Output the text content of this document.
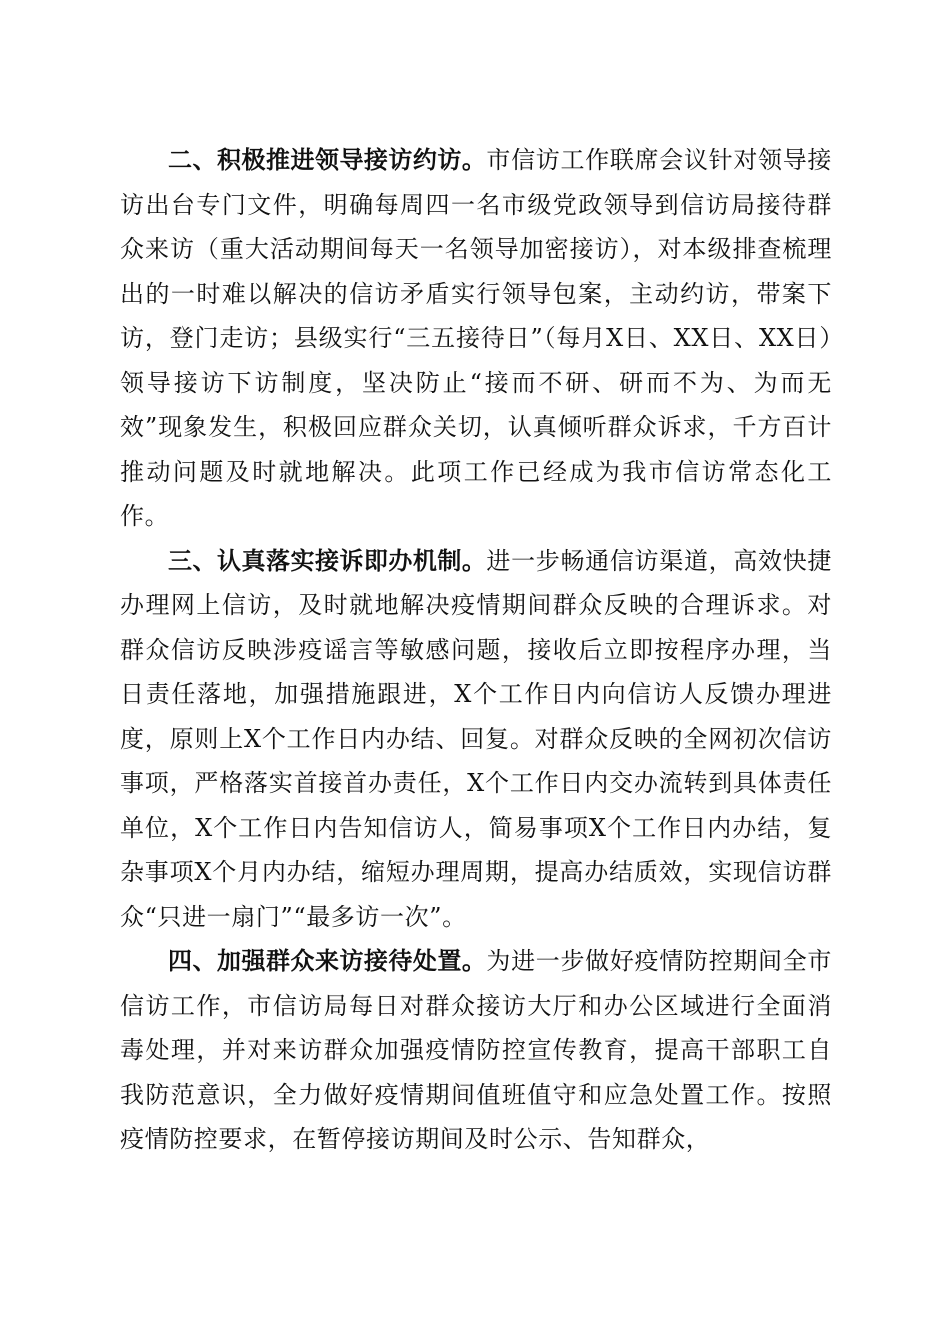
二、积极推进领导接访约访。市信访工作联席会议针对领导接访出台专门文件，明确每周四一名市级党政领导到信访局接待群众来访（重大活动期间每天一名领导加密接访），对本级排查梳理出的一时难以解决的信访矛盾实行领导包案，主动约访，带案下访，登门走访；县级实行“三五接待日”（每月X日、XX日、XX日）领导接访下访制度，坚决防止“接而不研、研而不为、为而无效”现象发生，积极回应群众关切，认真倾听群众诉求，千方百计推动问题及时就地解决。此项工作已经成为我市信访常态化工作。

三、认真落实接诉即办机制。进一步畅通信访渠道，高效快捷办理网上信访，及时就地解决疫情期间群众反映的合理诉求。对群众信访反映涉疫谣言等敏感问题，接收后立即按程序办理，当日责任落地，加强措施跟进，X个工作日内向信访人反馈办理进度，原则上X个工作日内办结、回复。对群众反映的全网初次信访事项，严格落实首接首办责任，X个工作日内交办流转到具体责任单位，X个工作日内告知信访人，简易事项X个工作日内办结，复杂事项X个月内办结，缩短办理周期，提高办结质效，实现信访群众“只进一扇门”“最多访一次”。

四、加强群众来访接待处置。为进一步做好疫情防控期间全市信访工作，市信访局每日对群众接访大厅和办公区域进行全面消毒处理，并对来访群众加强疫情防控宣传教育，提高干部职工自我防范意识，全力做好疫情期间值班值守和应急处置工作。按照疫情防控要求，在暂停接访期间及时公示、告知群众，
